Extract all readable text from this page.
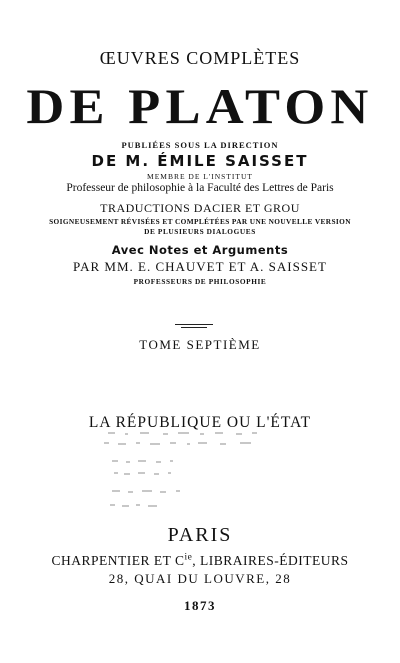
ŒUVRES COMPLÈTES
DE PLATON
PUBLIÉES SOUS LA DIRECTION
DE M. ÉMILE SAISSET
MEMBRE DE L'INSTITUT
Professeur de philosophie à la Faculté des Lettres de Paris
TRADUCTIONS DACIER ET GROU
SOIGNEUSEMENT RÉVISÉES ET COMPLÉTÉES PAR UNE NOUVELLE VERSION
DE PLUSIEURS DIALOGUES
Avec Notes et Arguments
PAR MM. E. CHAUVET ET A. SAISSET
PROFESSEURS DE PHILOSOPHIE
TOME SEPTIÈME
LA RÉPUBLIQUE OU L'ÉTAT
PARIS
CHARPENTIER ET $C^{ie}$, LIBRAIRES-ÉDITEURS
28, QUAI DU LOUVRE, 28
1873
